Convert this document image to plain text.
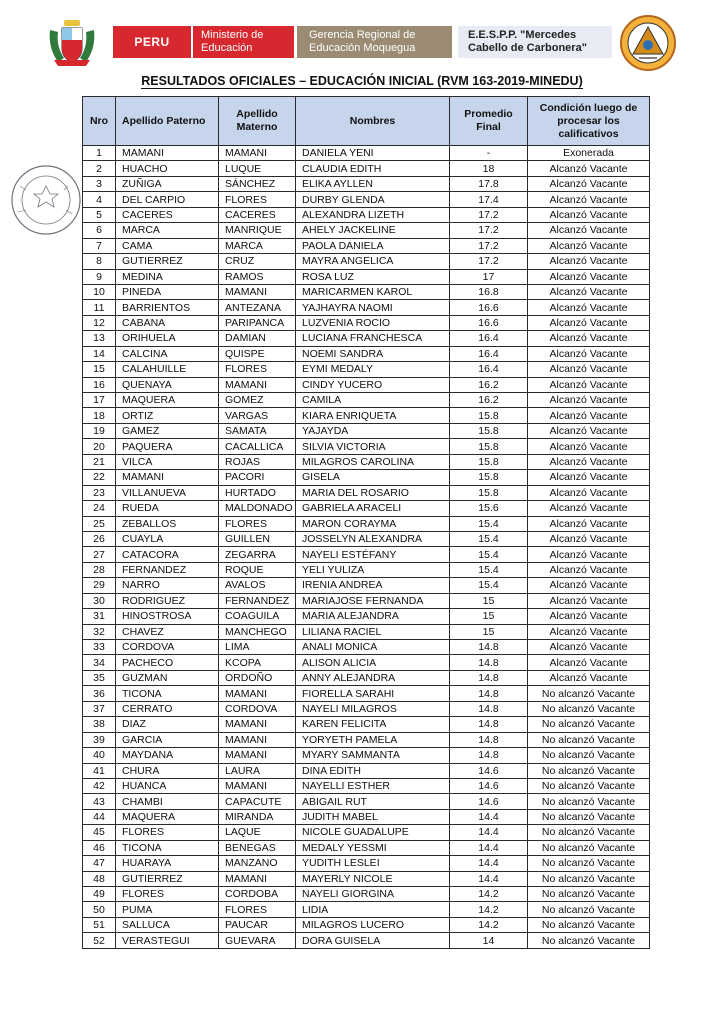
PERU	Ministerio de Educación
Gerencia Regional de Educación Moquegua
E.E.S.P.P. "Mercedes Cabello de Carbonera"
RESULTADOS OFICIALES – EDUCACIÓN INICIAL (RVM 163-2019-MINEDU)
Nro	Apellido Paterno	Apellido Materno	Nombres	Promedio Final	Condición luego de procesar los calificativos
1	MAMANI	MAMANI	DANIELA YENI	-	Exonerada
2	HUACHO	LUQUE	CLAUDIA EDITH	18	Alcanzó Vacante
3	ZUÑIGA	SÁNCHEZ	ELIKA AYLLEN	17.8	Alcanzó Vacante
4	DEL CARPIO	FLORES	DURBY GLENDA	17.4	Alcanzó Vacante
5	CACERES	CACERES	ALEXANDRA LIZETH	17.2	Alcanzó Vacante
6	MARCA	MANRIQUE	AHELY JACKELINE	17.2	Alcanzó Vacante
7	CAMA	MARCA	PAOLA DANIELA	17.2	Alcanzó Vacante
8	GUTIERREZ	CRUZ	MAYRA ANGELICA	17.2	Alcanzó Vacante
9	MEDINA	RAMOS	ROSA LUZ	17	Alcanzó Vacante
10	PINEDA	MAMANI	MARICARMEN KAROL	16.8	Alcanzó Vacante
11	BARRIENTOS	ANTEZANA	YAJHAYRA NAOMI	16.6	Alcanzó Vacante
12	CABANA	PARIPANCA	LUZVENIA ROCIO	16.6	Alcanzó Vacante
13	ORIHUELA	DAMIAN	LUCIANA FRANCHESCA	16.4	Alcanzó Vacante
14	CALCINA	QUISPE	NOEMI SANDRA	16.4	Alcanzó Vacante
15	CALAHUILLE	FLORES	EYMI MEDALY	16.4	Alcanzó Vacante
16	QUENAYA	MAMANI	CINDY YUCERO	16.2	Alcanzó Vacante
17	MAQUERA	GOMEZ	CAMILA	16.2	Alcanzó Vacante
18	ORTIZ	VARGAS	KIARA ENRIQUETA	15.8	Alcanzó Vacante
19	GAMEZ	SAMATA	YAJAYDA	15.8	Alcanzó Vacante
20	PAQUERA	CACALLICA	SILVIA VICTORIA	15.8	Alcanzó Vacante
21	VILCA	ROJAS	MILAGROS CAROLINA	15.8	Alcanzó Vacante
22	MAMANI	PACORI	GISELA	15.8	Alcanzó Vacante
23	VILLANUEVA	HURTADO	MARIA DEL ROSARIO	15.8	Alcanzó Vacante
24	RUEDA	MALDONADO	GABRIELA ARACELI	15.6	Alcanzó Vacante
25	ZEBALLOS	FLORES	MARON CORAYMA	15.4	Alcanzó Vacante
26	CUAYLA	GUILLEN	JOSSELYN ALEXANDRA	15.4	Alcanzó Vacante
27	CATACORA	ZEGARRA	NAYELI ESTÉFANY	15.4	Alcanzó Vacante
28	FERNANDEZ	ROQUE	YELI YULIZA	15.4	Alcanzó Vacante
29	NARRO	AVALOS	IRENIA ANDREA	15.4	Alcanzó Vacante
30	RODRIGUEZ	FERNANDEZ	MARIAJOSE FERNANDA	15	Alcanzó Vacante
31	HINOSTROSA	COAGUILA	MARIA ALEJANDRA	15	Alcanzó Vacante
32	CHAVEZ	MANCHEGO	LILIANA RACIEL	15	Alcanzó Vacante
33	CORDOVA	LIMA	ANALI MONICA	14.8	Alcanzó Vacante
34	PACHECO	KCOPA	ALISON ALICIA	14.8	Alcanzó Vacante
35	GUZMAN	ORDOÑO	ANNY ALEJANDRA	14.8	Alcanzó Vacante
36	TICONA	MAMANI	FIORELLA SARAHI	14.8	No alcanzó Vacante
37	CERRATO	CORDOVA	NAYELI MILAGROS	14.8	No alcanzó Vacante
38	DIAZ	MAMANI	KAREN FELICITA	14.8	No alcanzó Vacante
39	GARCIA	MAMANI	YORYETH PAMELA	14.8	No alcanzó Vacante
40	MAYDANA	MAMANI	MYARY SAMMANTA	14.8	No alcanzó Vacante
41	CHURA	LAURA	DINA EDITH	14.6	No alcanzó Vacante
42	HUANCA	MAMANI	NAYELLI ESTHER	14.6	No alcanzó Vacante
43	CHAMBI	CAPACUTE	ABIGAIL RUT	14.6	No alcanzó Vacante
44	MAQUERA	MIRANDA	JUDITH MABEL	14.4	No alcanzó Vacante
45	FLORES	LAQUE	NICOLE GUADALUPE	14.4	No alcanzó Vacante
46	TICONA	BENEGAS	MEDALY YESSMI	14.4	No alcanzó Vacante
47	HUARAYA	MANZANO	YUDITH LESLEI	14.4	No alcanzó Vacante
48	GUTIERREZ	MAMANI	MAYERLY NICOLE	14.4	No alcanzó Vacante
49	FLORES	CORDOBA	NAYELI GIORGINA	14.2	No alcanzó Vacante
50	PUMA	FLORES	LIDIA	14.2	No alcanzó Vacante
51	SALLUCA	PAUCAR	MILAGROS LUCERO	14.2	No alcanzó Vacante
52	VERASTEGUI	GUEVARA	DORA GUISELA	14	No alcanzó Vacante
